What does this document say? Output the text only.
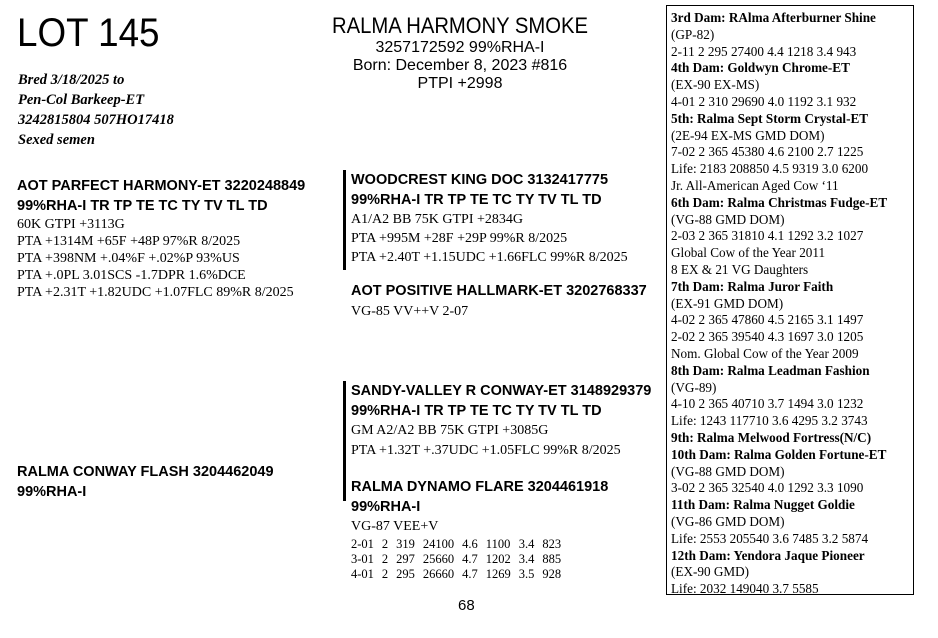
LOT 145
Bred 3/18/2025 to
Pen-Col Barkeep-ET
3242815804 507HO17418
Sexed semen
RALMA HARMONY SMOKE
3257172592 99%RHA-I
Born: December 8, 2023 #816
PTPI +2998
AOT PARFECT HARMONY-ET 3220248849
99%RHA-I TR TP TE TC TY TV TL TD
60K GTPI +3113G
PTA +1314M +65F +48P 97%R 8/2025
PTA +398NM +.04%F +.02%P 93%US
PTA +.0PL 3.01SCS -1.7DPR 1.6%DCE
PTA +2.31T +1.82UDC +1.07FLC 89%R 8/2025
WOODCREST KING DOC 3132417775
99%RHA-I TR TP TE TC TY TV TL TD
A1/A2 BB 75K GTPI +2834G
PTA +995M +28F +29P 99%R 8/2025
PTA +2.40T +1.15UDC +1.66FLC 99%R 8/2025
AOT POSITIVE HALLMARK-ET 3202768337
VG-85 VV++V 2-07
RALMA CONWAY FLASH 3204462049
99%RHA-I
SANDY-VALLEY R CONWAY-ET 3148929379
99%RHA-I TR TP TE TC TY TV TL TD
GM A2/A2 BB 75K GTPI +3085G
PTA +1.32T +.37UDC +1.05FLC 99%R 8/2025
RALMA DYNAMO FLARE 3204461918
99%RHA-I
VG-87 VEE+V
2-01	2	319	24100	4.6	1100	3.4	823
3-01	2	297	25660	4.7	1202	3.4	885
4-01	2	295	26660	4.7	1269	3.5	928
68
3rd Dam: RAlma Afterburner Shine
(GP-82)
2-11 2 295 27400 4.4 1218 3.4 943
4th Dam: Goldwyn Chrome-ET
(EX-90 EX-MS)
4-01 2 310 29690 4.0 1192 3.1 932
5th: Ralma Sept Storm Crystal-ET
(2E-94 EX-MS GMD DOM)
7-02 2 365 45380 4.6 2100 2.7 1225
Life: 2183 208850 4.5 9319 3.0 6200
Jr. All-American Aged Cow ‘11
6th Dam: Ralma Christmas Fudge-ET
(VG-88 GMD DOM)
2-03 2 365 31810 4.1 1292 3.2 1027
Global Cow of the Year 2011
8 EX & 21 VG Daughters
7th Dam: Ralma Juror Faith
(EX-91 GMD DOM)
4-02 2 365 47860 4.5 2165 3.1 1497
2-02 2 365 39540 4.3 1697 3.0 1205
Nom. Global Cow of the Year 2009
8th Dam: Ralma Leadman Fashion
(VG-89)
4-10 2 365 40710 3.7 1494 3.0 1232
Life: 1243 117710 3.6 4295 3.2 3743
9th: Ralma Melwood Fortress(N/C)
10th Dam: Ralma Golden Fortune-ET
(VG-88 GMD DOM)
3-02 2 365 32540 4.0 1292 3.3 1090
11th Dam: Ralma Nugget Goldie
(VG-86 GMD DOM)
Life: 2553 205540 3.6 7485 3.2 5874
12th Dam: Yendora Jaque Pioneer
(EX-90 GMD)
Life: 2032 149040 3.7 5585
